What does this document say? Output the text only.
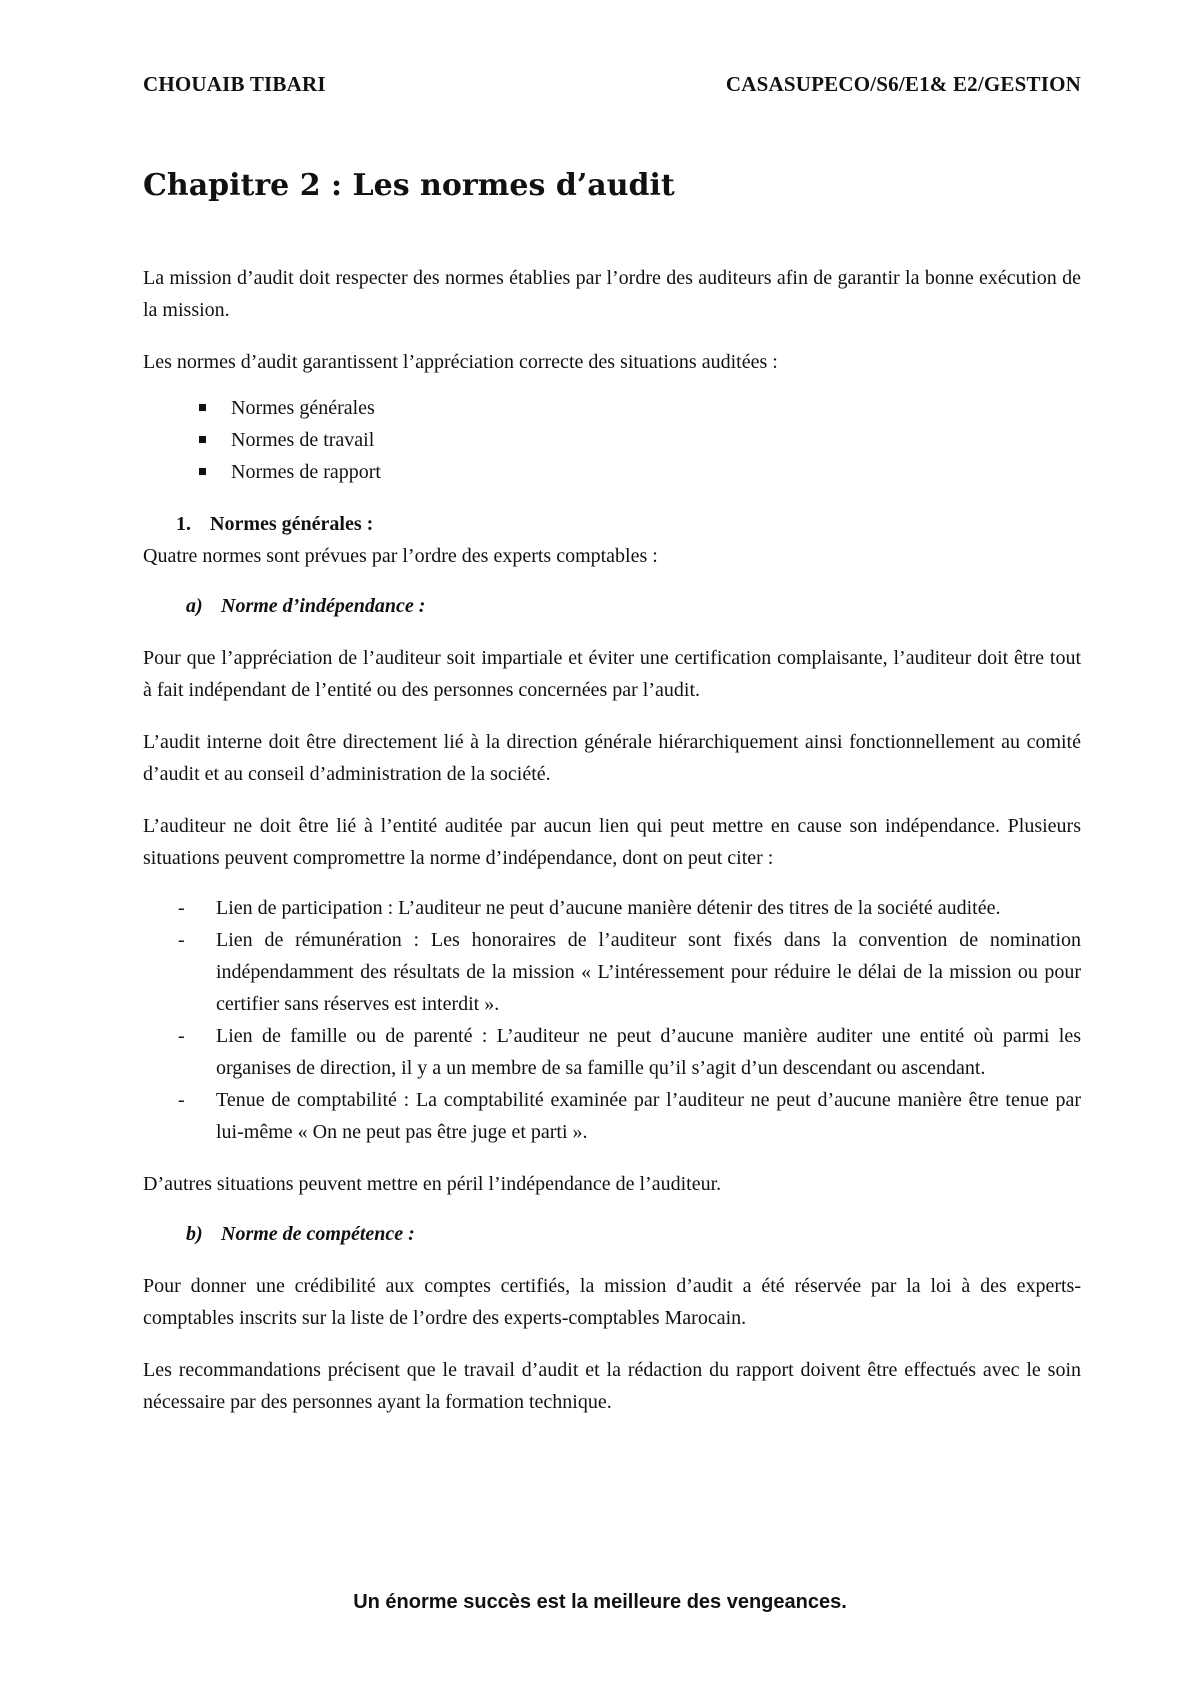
CHOUAIB TIBARI	CASASUPECO/S6/E1& E2/GESTION
Chapitre 2 : Les normes d’audit

La mission d’audit doit respecter des normes établies par l’ordre des auditeurs afin de garantir la bonne exécution de la mission.

Les normes d’audit garantissent l’appréciation correcte des situations auditées :

Normes générales
Normes de travail
Normes de rapport
1. Normes générales :

Quatre normes sont prévues par l’ordre des experts comptables :

a) Norme d’indépendance :

Pour que l’appréciation de l’auditeur soit impartiale et éviter une certification complaisante, l’auditeur doit être tout à fait indépendant de l’entité ou des personnes concernées par l’audit.

L’audit interne doit être directement lié à la direction générale hiérarchiquement ainsi fonctionnellement au comité d’audit et au conseil d’administration de la société.

L’auditeur ne doit être lié à l’entité auditée par aucun lien qui peut mettre en cause son indépendance. Plusieurs situations peuvent compromettre la norme d’indépendance, dont on peut citer :

- Lien de participation : L’auditeur ne peut d’aucune manière détenir des titres de la société auditée.
- Lien de rémunération : Les honoraires de l’auditeur sont fixés dans la convention de nomination indépendamment des résultats de la mission « L’intéressement pour réduire le délai de la mission ou pour certifier sans réserves est interdit ».
- Lien de famille ou de parenté : L’auditeur ne peut d’aucune manière auditer une entité où parmi les organises de direction, il y a un membre de sa famille qu’il s’agit d’un descendant ou ascendant.
- Tenue de comptabilité : La comptabilité examinée par l’auditeur ne peut d’aucune manière être tenue par lui-même « On ne peut pas être juge et parti ».

D’autres situations peuvent mettre en péril l’indépendance de l’auditeur.

b) Norme de compétence :

Pour donner une crédibilité aux comptes certifiés, la mission d’audit a été réservée par la loi à des experts-comptables inscrits sur la liste de l’ordre des experts-comptables Marocain.

Les recommandations précisent que le travail d’audit et la rédaction du rapport doivent être effectués avec le soin nécessaire par des personnes ayant la formation technique.

Un énorme succès est la meilleure des vengeances.
